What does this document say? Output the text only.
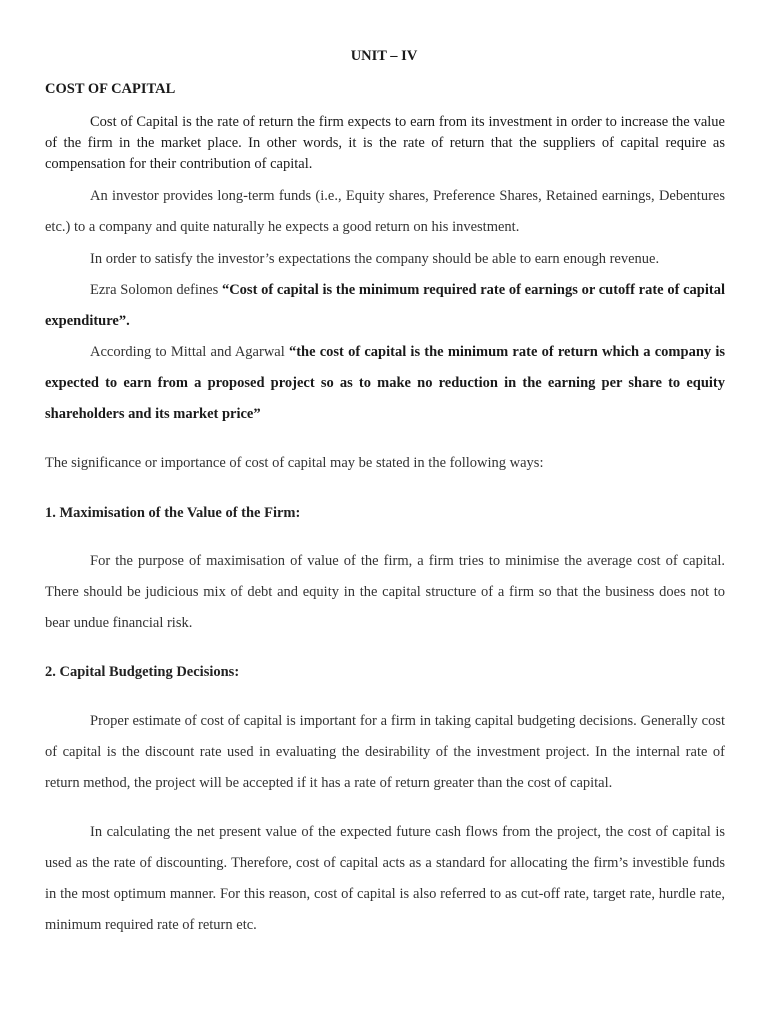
UNIT – IV
COST OF CAPITAL

Cost of Capital is the rate of return the firm expects to earn from its investment in order to increase the value of the firm in the market place. In other words, it is the rate of return that the suppliers of capital require as compensation for their contribution of capital.

An investor provides long-term funds (i.e., Equity shares, Preference Shares, Retained earnings, Debentures etc.) to a company and quite naturally he expects a good return on his investment.

In order to satisfy the investor’s expectations the company should be able to earn enough revenue.

Ezra Solomon defines “Cost of capital is the minimum required rate of earnings or cutoff rate of capital expenditure”.

According to Mittal and Agarwal “the cost of capital is the minimum rate of return which a company is expected to earn from a proposed project so as to make no reduction in the earning per share to equity shareholders and its market price”

The significance or importance of cost of capital may be stated in the following ways:

1. Maximisation of the Value of the Firm:

For the purpose of maximisation of value of the firm, a firm tries to minimise the average cost of capital. There should be judicious mix of debt and equity in the capital structure of a firm so that the business does not to bear undue financial risk.

2. Capital Budgeting Decisions:

Proper estimate of cost of capital is important for a firm in taking capital budgeting decisions. Generally cost of capital is the discount rate used in evaluating the desirability of the investment project. In the internal rate of return method, the project will be accepted if it has a rate of return greater than the cost of capital.

In calculating the net present value of the expected future cash flows from the project, the cost of capital is used as the rate of discounting. Therefore, cost of capital acts as a standard for allocating the firm’s investible funds in the most optimum manner. For this reason, cost of capital is also referred to as cut-off rate, target rate, hurdle rate, minimum required rate of return etc.
